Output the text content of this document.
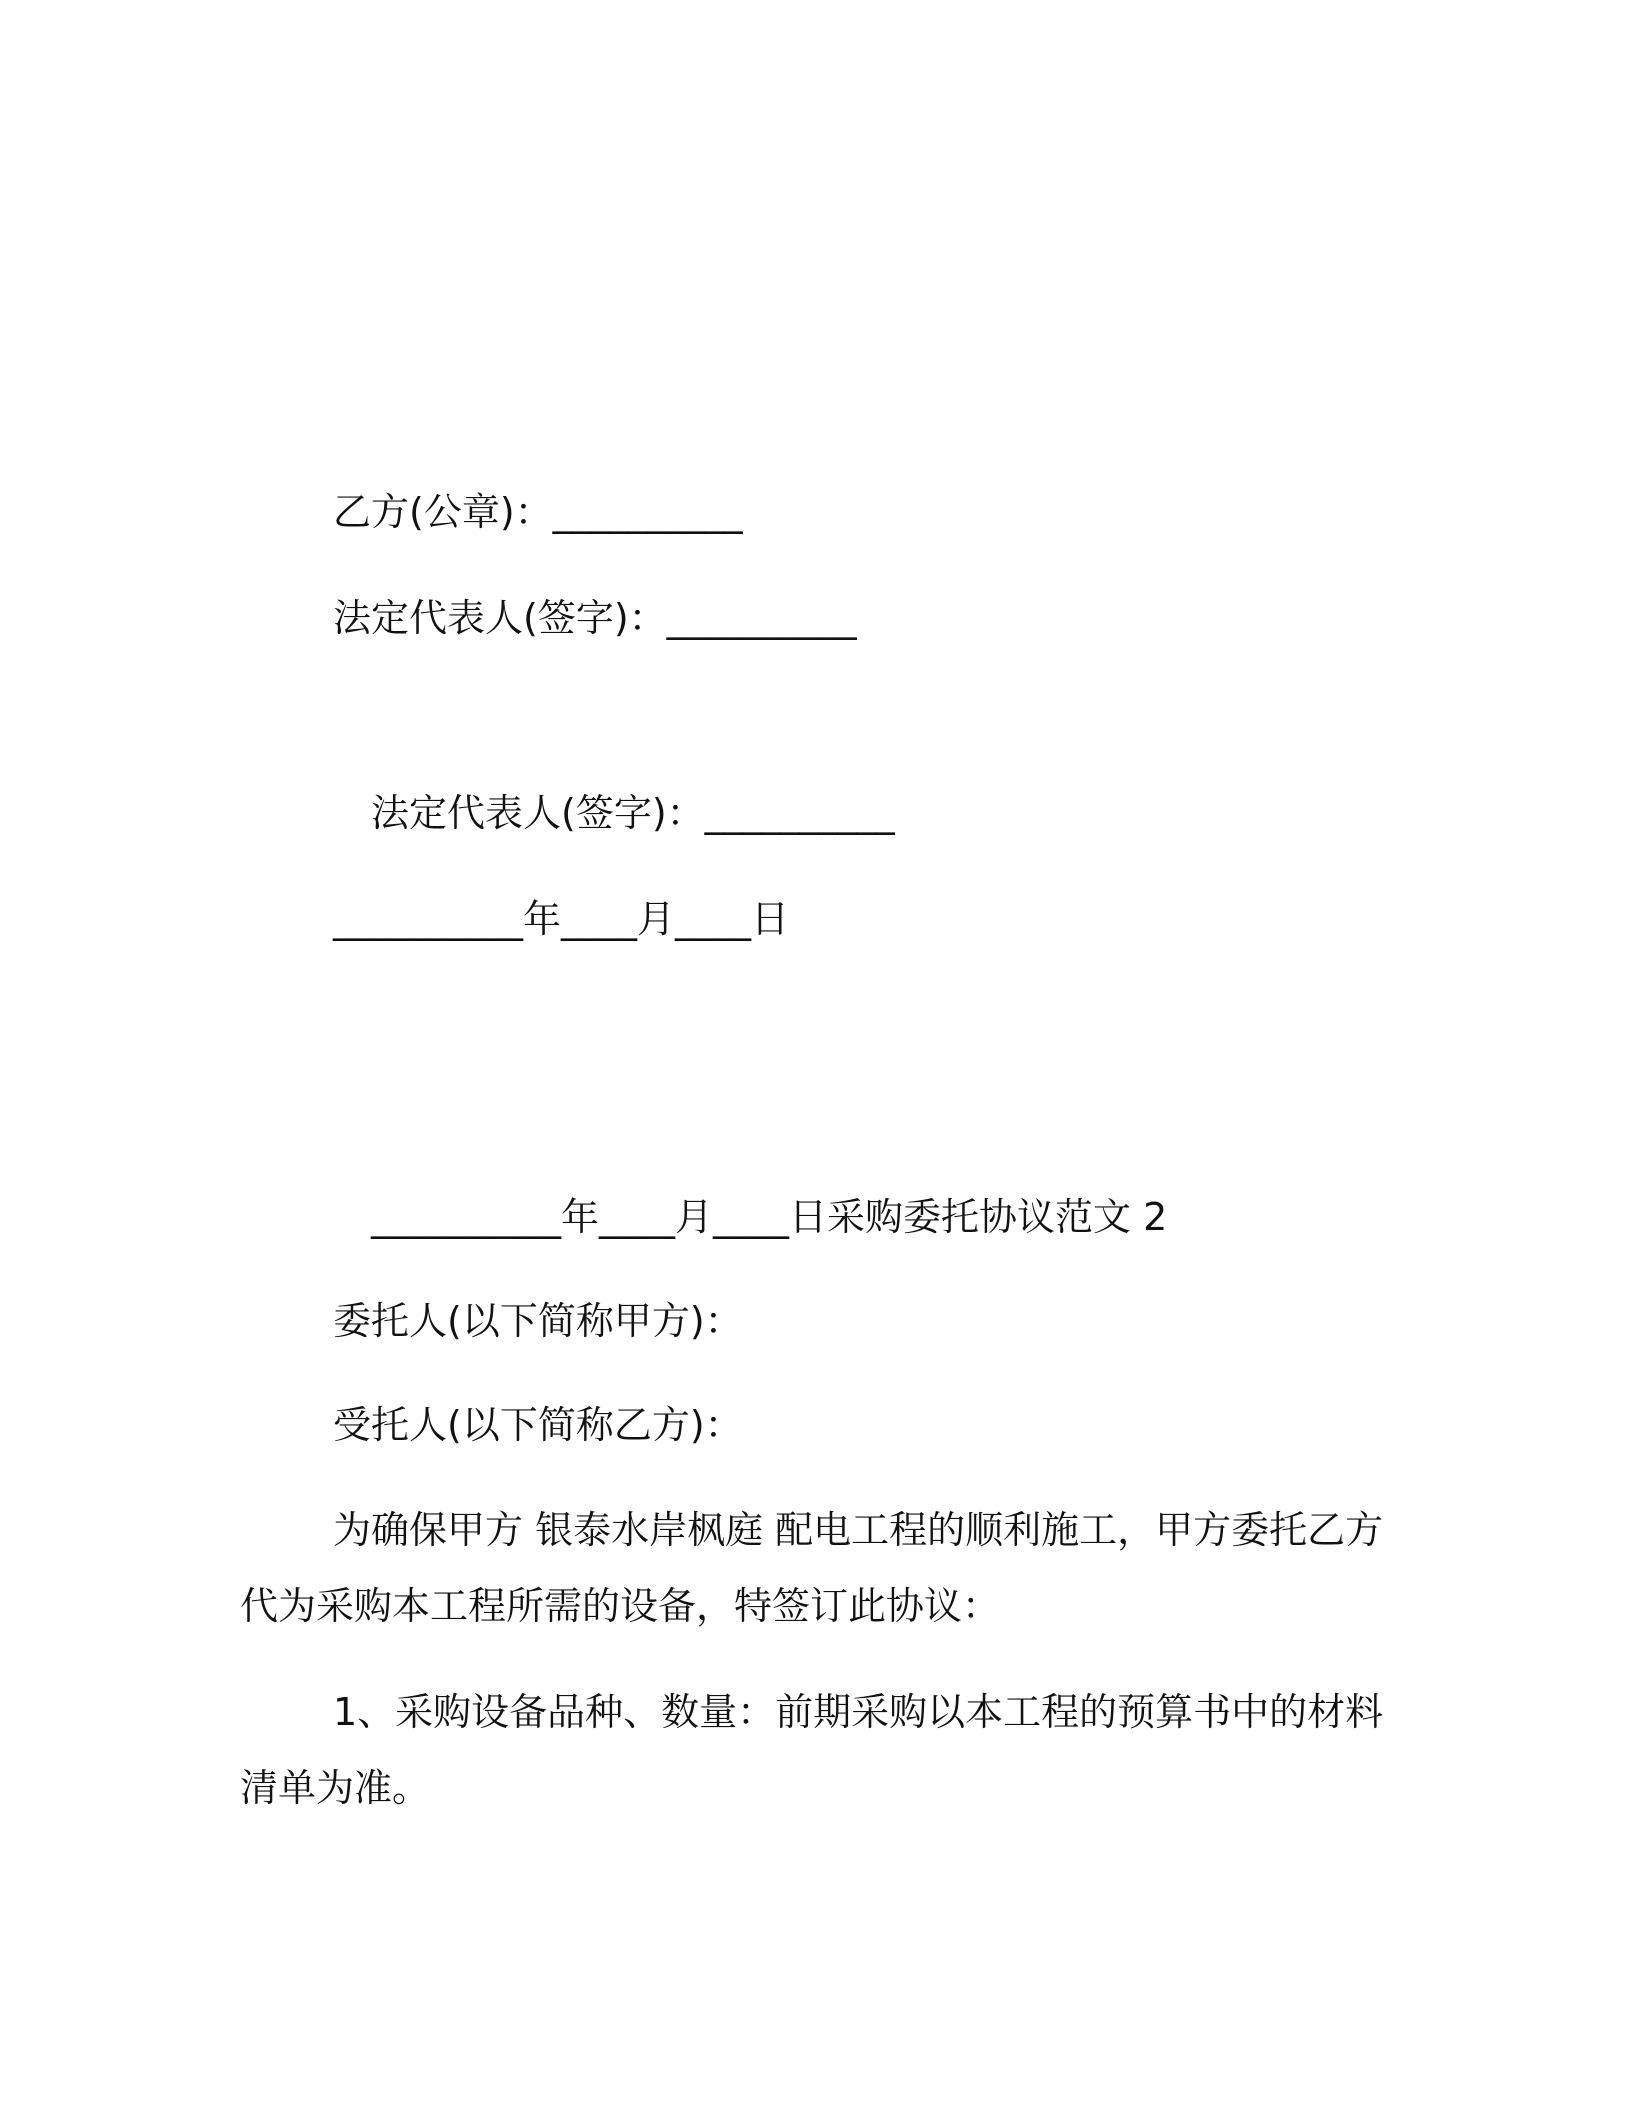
乙方(公章)：__________
法定代表人(签字)：__________
法定代表人(签字)：__________
__________年____月____日
__________年____月____日采购委托协议范文 2
委托人(以下简称甲方)：
受托人(以下简称乙方)：
为确保甲方 银泰水岸枫庭 配电工程的顺利施工，甲方委托乙方
代为采购本工程所需的设备，特签订此协议：
1、采购设备品种、数量：前期采购以本工程的预算书中的材料
清单为准。
